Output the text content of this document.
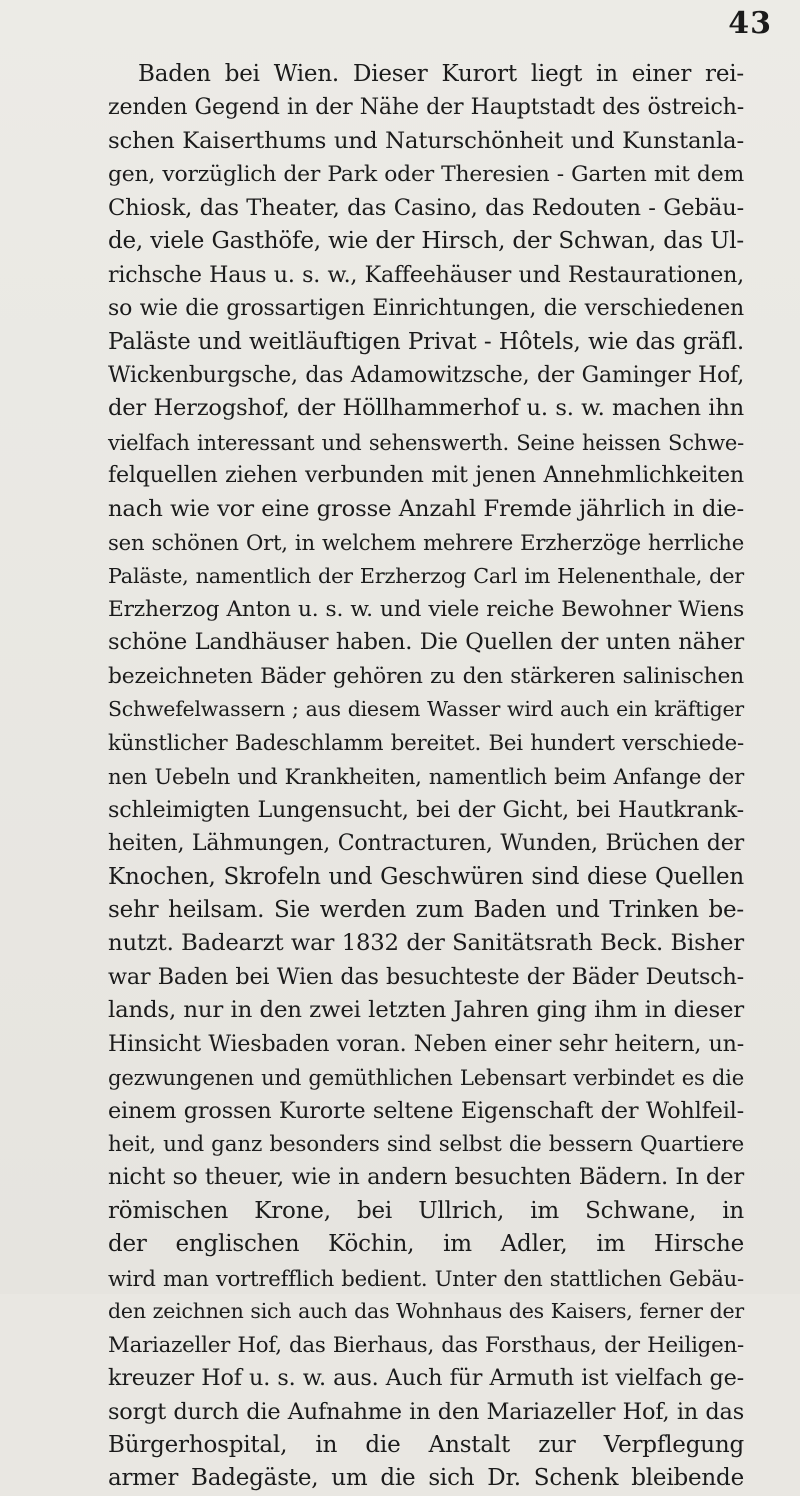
43
Baden bei Wien. Dieser Kurort liegt in einer rei-
zenden Gegend in der Nähe der Hauptstadt des östreich-
schen Kaiserthums und Naturschönheit und Kunstanla-
gen, vorzüglich der Park oder Theresien - Garten mit dem
Chiosk, das Theater, das Casino, das Redouten - Gebäu-
de, viele Gasthöfe, wie der Hirsch, der Schwan, das Ul-
richsche Haus u. s. w., Kaffeehäuser und Restaurationen,
so wie die grossartigen Einrichtungen, die verschiedenen
Paläste und weitläuftigen Privat - Hôtels, wie das gräfl.
Wickenburgsche, das Adamowitzsche, der Gaminger Hof,
der Herzogshof, der Höllhammerhof u. s. w. machen ihn
vielfach interessant und sehenswerth. Seine heissen Schwe-
felquellen ziehen verbunden mit jenen Annehmlichkeiten
nach wie vor eine grosse Anzahl Fremde jährlich in die-
sen schönen Ort, in welchem mehrere Erzherzöge herrliche
Paläste, namentlich der Erzherzog Carl im Helenenthale, der
Erzherzog Anton u. s. w. und viele reiche Bewohner Wiens
schöne Landhäuser haben. Die Quellen der unten näher
bezeichneten Bäder gehören zu den stärkeren salinischen
Schwefelwassern ; aus diesem Wasser wird auch ein kräftiger
künstlicher Badeschlamm bereitet. Bei hundert verschiede-
nen Uebeln und Krankheiten, namentlich beim Anfange der
schleimigten Lungensucht, bei der Gicht, bei Hautkrank-
heiten, Lähmungen, Contracturen, Wunden, Brüchen der
Knochen, Skrofeln und Geschwüren sind diese Quellen
sehr heilsam. Sie werden zum Baden und Trinken be-
nutzt. Badearzt war 1832 der Sanitätsrath Beck. Bisher
war Baden bei Wien das besuchteste der Bäder Deutsch-
lands, nur in den zwei letzten Jahren ging ihm in dieser
Hinsicht Wiesbaden voran. Neben einer sehr heitern, un-
gezwungenen und gemüthlichen Lebensart verbindet es die
einem grossen Kurorte seltene Eigenschaft der Wohlfeil-
heit, und ganz besonders sind selbst die bessern Quartiere
nicht so theuer, wie in andern besuchten Bädern. In der
römischen Krone, bei Ullrich, im Schwane, in
der englischen Köchin, im Adler, im Hirsche
wird man vortrefflich bedient. Unter den stattlichen Gebäu-
den zeichnen sich auch das Wohnhaus des Kaisers, ferner der
Mariazeller Hof, das Bierhaus, das Forsthaus, der Heiligen-
kreuzer Hof u. s. w. aus. Auch für Armuth ist vielfach ge-
sorgt durch die Aufnahme in den Mariazeller Hof, in das
Bürgerhospital, in die Anstalt zur Verpflegung
armer Badegäste, um die sich Dr. Schenk bleibende
